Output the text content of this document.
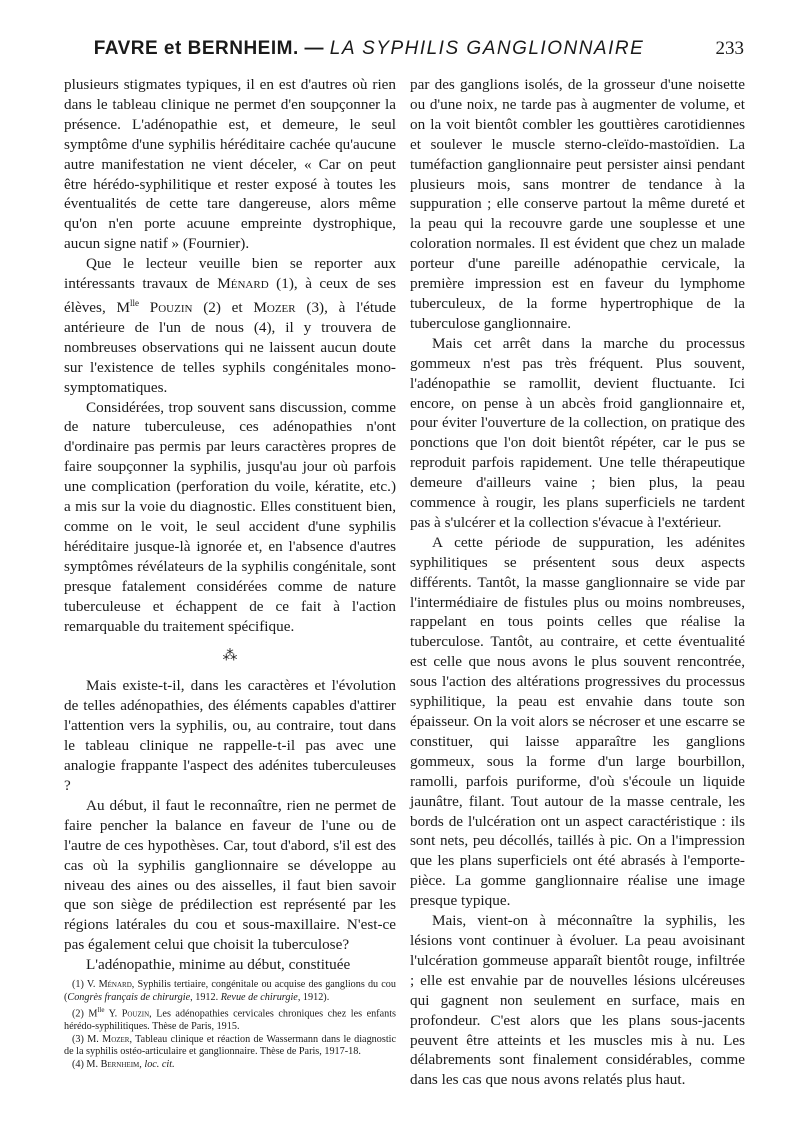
FAVRE et BERNHEIM. — LA SYPHILIS GANGLIONNAIRE	233

plusieurs stigmates typiques, il en est d'autres où rien dans le tableau clinique ne permet d'en soupçonner la présence. L'adénopathie est, et demeure, le seul symptôme d'une syphilis héréditaire cachée qu'aucune autre manifestation ne vient déceler, « Car on peut être hérédo-syphilitique et rester exposé à toutes les éventualités de cette tare dangereuse, alors même qu'on n'en porte acuune empreinte dystrophique, aucun signe natif » (Fournier).

Que le lecteur veuille bien se reporter aux intéressants travaux de Ménard (1), à ceux de ses élèves, $M^{lle}$ Pouzin (2) et Mozer (3), à l'étude antérieure de l'un de nous (4), il y trouvera de nombreuses observations qui ne laissent aucun doute sur l'existence de telles syphils congénitales mono-symptomatiques.

Considérées, trop souvent sans discussion, comme de nature tuberculeuse, ces adénopathies n'ont d'ordinaire pas permis par leurs caractères propres de faire soupçonner la syphilis, jusqu'au jour où parfois une complication (perforation du voile, kératite, etc.) a mis sur la voie du diagnostic. Elles constituent bien, comme on le voit, le seul accident d'une syphilis héréditaire jusque-là ignorée et, en l'absence d'autres symptômes révélateurs de la syphilis congénitale, sont presque fatalement considérées comme de nature tuberculeuse et échappent de ce fait à l'action remarquable du traitement spécifique.

⁂

Mais existe-t-il, dans les caractères et l'évolution de telles adénopathies, des éléments capables d'attirer l'attention vers la syphilis, ou, au contraire, tout dans le tableau clinique ne rappelle-t-il pas avec une analogie frappante l'aspect des adénites tuberculeuses ?

Au début, il faut le reconnaître, rien ne permet de faire pencher la balance en faveur de l'une ou de l'autre de ces hypothèses. Car, tout d'abord, s'il est des cas où la syphilis ganglionnaire se développe au niveau des aines ou des aisselles, il faut bien savoir que son siège de prédilection est représenté par les régions latérales du cou et sous-maxillaire. N'est-ce pas également celui que choisit la tuberculose?

L'adénopathie, minime au début, constituée

(1) V. Ménard, Syphilis tertiaire, congénitale ou acquise des ganglions du cou (Congrès français de chirurgie, 1912. Revue de chirurgie, 1912).

(2) $M^{lle}$ Y. Pouzin, Les adénopathies cervicales chroniques chez les enfants hérédo-syphilitiques. Thèse de Paris, 1915.

(3) M. Mozer, Tableau clinique et réaction de Wassermann dans le diagnostic de la syphilis ostéo-articulaire et ganglionnaire. Thèse de Paris, 1917-18.

(4) M. Bernheim, loc. cit.

par des ganglions isolés, de la grosseur d'une noisette ou d'une noix, ne tarde pas à augmenter de volume, et on la voit bientôt combler les gouttières carotidiennes et soulever le muscle sterno-cleïdo-mastoïdien. La tuméfaction ganglionnaire peut persister ainsi pendant plusieurs mois, sans montrer de tendance à la suppuration ; elle conserve partout la même dureté et la peau qui la recouvre garde une souplesse et une coloration normales. Il est évident que chez un malade porteur d'une pareille adénopathie cervicale, la première impression est en faveur du lymphome tuberculeux, de la forme hypertrophique de la tuberculose ganglionnaire.

Mais cet arrêt dans la marche du processus gommeux n'est pas très fréquent. Plus souvent, l'adénopathie se ramollit, devient fluctuante. Ici encore, on pense à un abcès froid ganglionnaire et, pour éviter l'ouverture de la collection, on pratique des ponctions que l'on doit bientôt répéter, car le pus se reproduit parfois rapidement. Une telle thérapeutique demeure d'ailleurs vaine ; bien plus, la peau commence à rougir, les plans superficiels ne tardent pas à s'ulcérer et la collection s'évacue à l'extérieur.

A cette période de suppuration, les adénites syphilitiques se présentent sous deux aspects différents. Tantôt, la masse ganglionnaire se vide par l'intermédiaire de fistules plus ou moins nombreuses, rappelant en tous points celles que réalise la tuberculose. Tantôt, au contraire, et cette éventualité est celle que nous avons le plus souvent rencontrée, sous l'action des altérations progressives du processus syphilitique, la peau est envahie dans toute son épaisseur. On la voit alors se nécroser et une escarre se constituer, qui laisse apparaître les ganglions gommeux, sous la forme d'un large bourbillon, ramolli, parfois puriforme, d'où s'écoule un liquide jaunâtre, filant. Tout autour de la masse centrale, les bords de l'ulcération ont un aspect caractéristique : ils sont nets, peu décollés, taillés à pic. On a l'impression que les plans superficiels ont été abrasés à l'emporte-pièce. La gomme ganglionnaire réalise une image presque typique.

Mais, vient-on à méconnaître la syphilis, les lésions vont continuer à évoluer. La peau avoisinant l'ulcération gommeuse apparaît bientôt rouge, infiltrée ; elle est envahie par de nouvelles lésions ulcéreuses qui gagnent non seulement en surface, mais en profondeur. C'est alors que les plans sous-jacents peuvent être atteints et les muscles mis à nu. Les délabrements sont finalement considérables, comme dans les cas que nous avons relatés plus haut.
